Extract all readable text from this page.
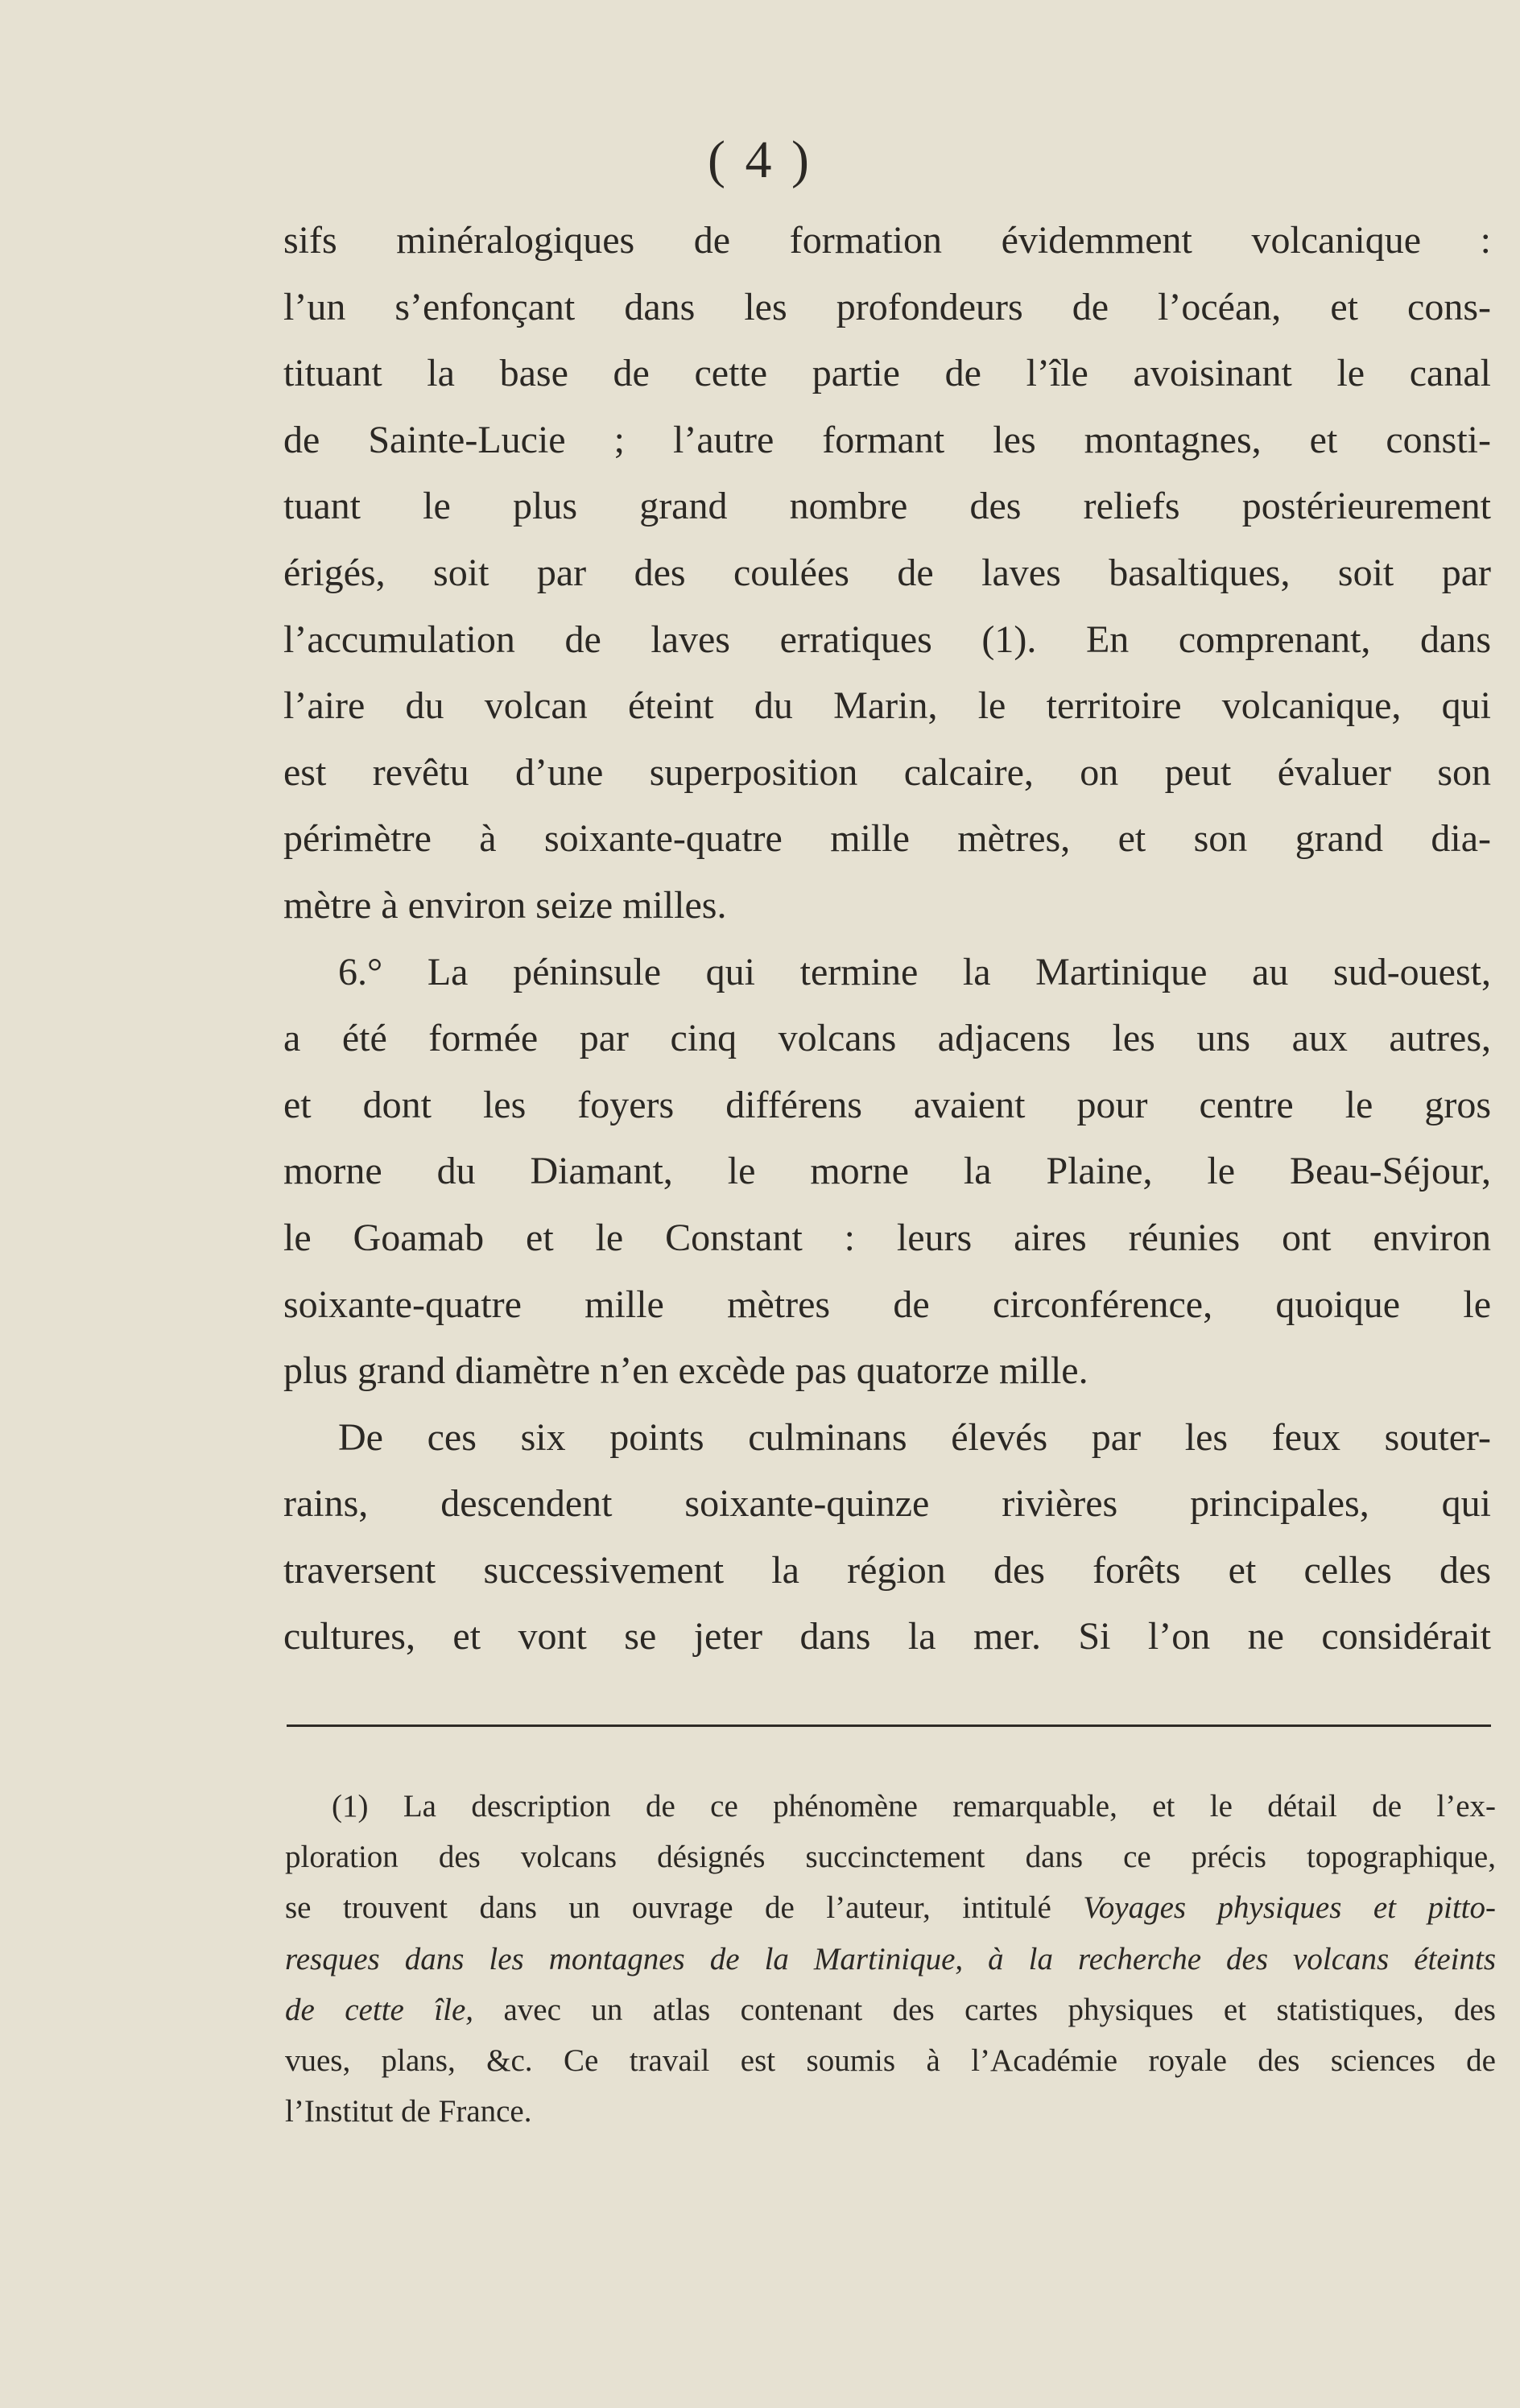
( 4 )
sifs minéralogiques de formation évidemment volcanique :
l’un s’enfonçant dans les profondeurs de l’océan, et cons-
tituant la base de cette partie de l’île avoisinant le canal
de Sainte-Lucie ; l’autre formant les montagnes, et consti-
tuant le plus grand nombre des reliefs postérieurement
érigés, soit par des coulées de laves basaltiques, soit par
l’accumulation de laves erratiques (1). En comprenant, dans
l’aire du volcan éteint du Marin, le territoire volcanique, qui
est revêtu d’une superposition calcaire, on peut évaluer son
périmètre à soixante-quatre mille mètres, et son grand dia-
mètre à environ seize milles.
6.° La péninsule qui termine la Martinique au sud-ouest,
a été formée par cinq volcans adjacens les uns aux autres,
et dont les foyers différens avaient pour centre le gros
morne du Diamant, le morne la Plaine, le Beau-Séjour,
le Goamab et le Constant : leurs aires réunies ont environ
soixante-quatre mille mètres de circonférence, quoique le
plus grand diamètre n’en excède pas quatorze mille.
De ces six points culminans élevés par les feux souter-
rains, descendent soixante-quinze rivières principales, qui
traversent successivement la région des forêts et celles des
cultures, et vont se jeter dans la mer. Si l’on ne considérait
(1) La description de ce phénomène remarquable, et le détail de l’ex-
ploration des volcans désignés succinctement dans ce précis topographique,
se trouvent dans un ouvrage de l’auteur, intitulé Voyages physiques et pitto-
resques dans les montagnes de la Martinique, à la recherche des volcans éteints
de cette île, avec un atlas contenant des cartes physiques et statistiques, des
vues, plans, &c. Ce travail est soumis à l’Académie royale des sciences de
l’Institut de France.
